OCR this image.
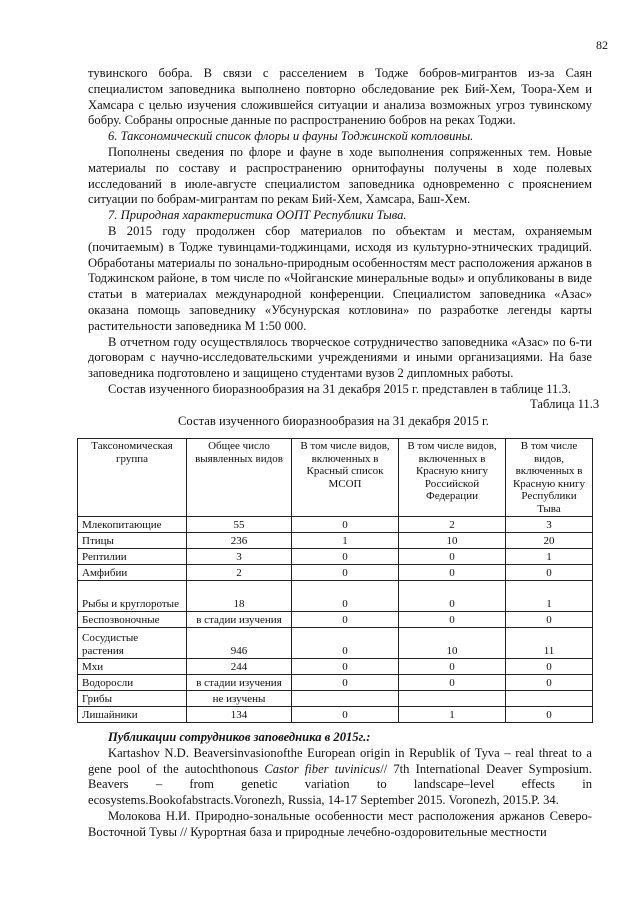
82

тувинского бобра. В связи с расселением в Тодже бобров-мигрантов из-за Саян специалистом заповедника выполнено повторно обследование рек Бий-Хем, Тоора-Хем и Хамсара с целью изучения сложившейся ситуации и анализа возможных угроз тувинскому бобру. Собраны опросные данные по распространению бобров на реках Тоджи.

6. Таксономический список флоры и фауны Тоджинской котловины.

Пополнены сведения по флоре и фауне в ходе выполнения сопряженных тем. Новые материалы по составу и распространению орнитофауны получены в ходе полевых исследований в июле-августе специалистом заповедника одновременно с прояснением ситуации по бобрам-мигрантам по рекам Бий-Хем, Хамсара, Баш-Хем.

7. Природная характеристика ООПТ Республики Тыва.

В 2015 году продолжен сбор материалов по объектам и местам, охраняемым (почитаемым) в Тодже тувинцами-тоджинцами, исходя из культурно-этнических традиций. Обработаны материалы по зонально-природным особенностям мест расположения аржанов в Тоджинском районе, в том числе по «Чойганские минеральные воды» и опубликованы в виде статьи в материалах международной конференции. Специалистом заповедника «Азас» оказана помощь заповеднику «Убсунурская котловина» по разработке легенды карты растительности заповедника М 1:50 000.

В отчетном году осуществлялось творческое сотрудничество заповедника «Азас» по 6-ти договорам с научно-исследовательскими учреждениями и иными организациями. На базе заповедника подготовлено и защищено студентами вузов 2 дипломных работы.

Состав изученного биоразнообразия на 31 декабря 2015 г. представлен в таблице 11.3.

Таблица 11.3
Состав изученного биоразнообразия на 31 декабря 2015 г.
Таксономическая группа	Общее число выявленных видов	В том числе видов, включенных в Красный список МСОП	В том числе видов, включенных в Красную книгу Российской Федерации	В том числе видов, включенных в Красную книгу Республики Тыва
Млекопитающие	55	0	2	3
Птицы	236	1	10	20
Рептилии	3	0	0	1
Амфибии	2	0	0	0
Рыбы и круглоротые	18	0	0	1
Беспозвоночные	в стадии изучения	0	0	0
Сосудистые растения	946	0	10	11
Мхи	244	0	0	0
Водоросли	в стадии изучения	0	0	0
Грибы	не изучены			
Лишайники	134	0	1	0

Публикации сотрудников заповедника в 2015г.:

Kartashov N.D. Beaversinvasionofthe European origin in Republik of Tyva – real threat to a gene pool of the autochthonous Castor fiber tuvinicus// 7th International Deaver Symposium. Beavers – from genetic variation to landscape–level effects in ecosystems.Bookofabstracts.Voronezh, Russia, 14-17 September 2015. Voronezh, 2015.P. 34.

Молокова Н.И. Природно-зональные особенности мест расположения аржанов Северо-Восточной Тувы // Курортная база и природные лечебно-оздоровительные местности
